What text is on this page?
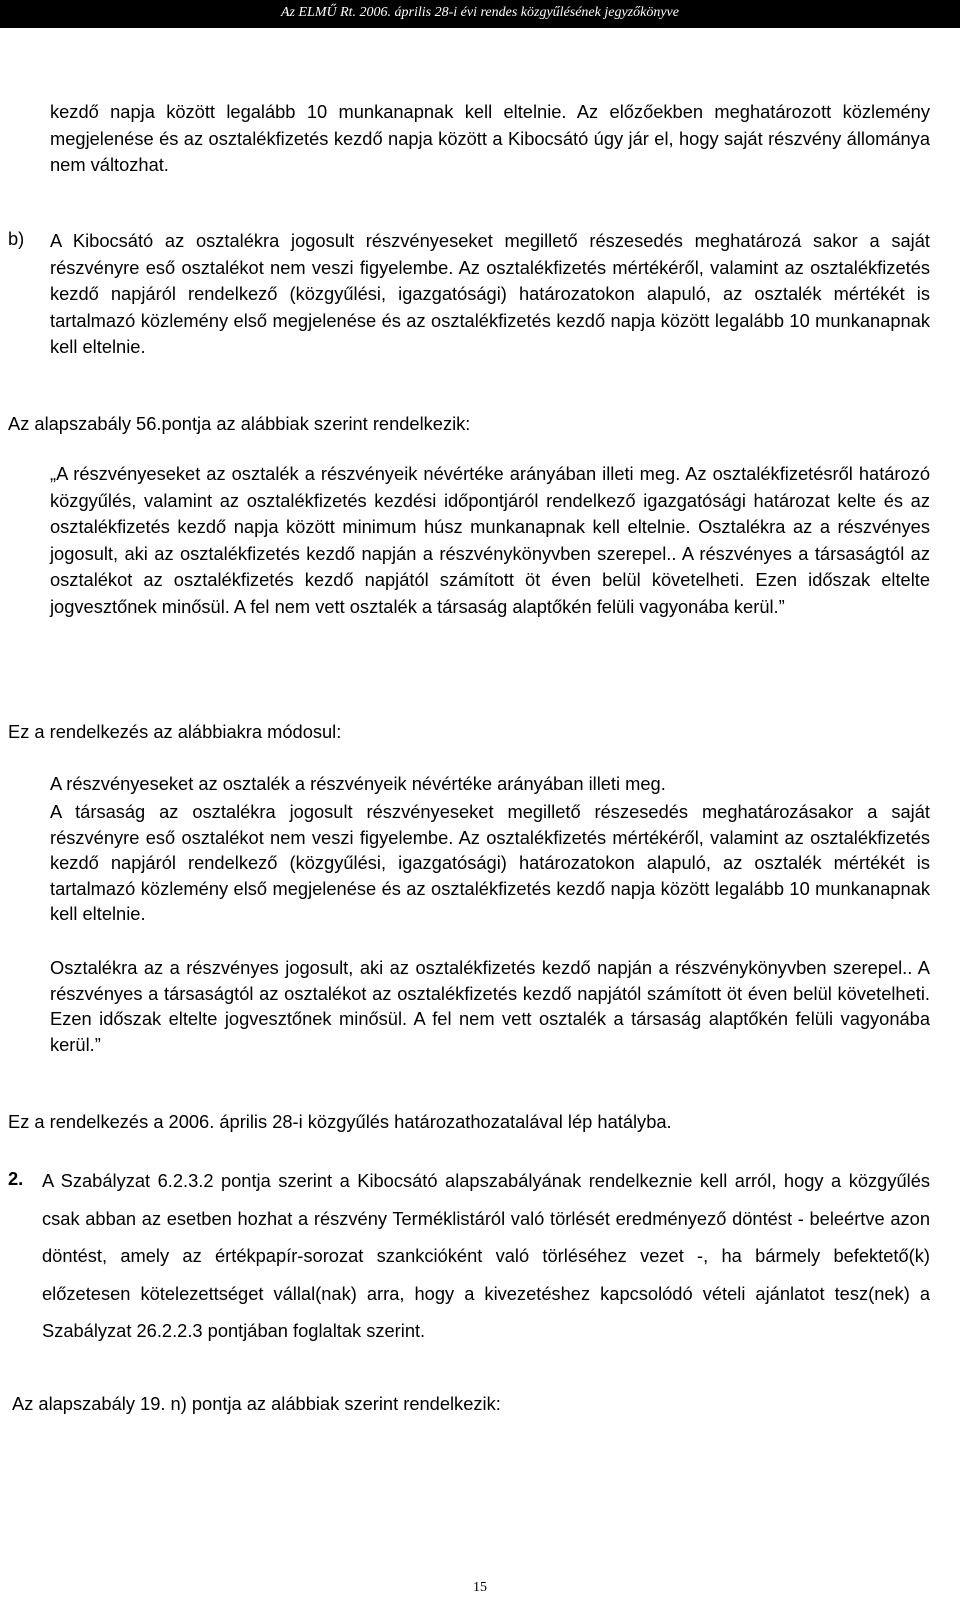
Az ELMŰ Rt. 2006. április 28-i évi rendes közgyűlésének jegyzőkönyve

kezdő napja között legalább 10 munkanapnak kell eltelnie. Az előzőekben meghatározott közlemény megjelenése és az osztalékfizetés kezdő napja között a Kibocsátó úgy jár el, hogy saját részvény állománya nem változhat.

b) A Kibocsátó az osztalékra jogosult részvényeseket megillető részesedés meghatározá sakor a saját részvényre eső osztalékot nem veszi figyelembe. Az osztalékfizetés mértékéről, valamint az osztalékfizetés kezdő napjáról rendelkező (közgyűlési, igazgatósági) határozatokon alapuló, az osztalék mértékét is tartalmazó közlemény első megjelenése és az osztalékfizetés kezdő napja között legalább 10 munkanapnak kell eltelnie.

Az alapszabály 56.pontja az alábbiak szerint rendelkezik:

„A részvényeseket az osztalék a részvényeik névértéke arányában illeti meg. Az osztalékfizetésről határozó közgyűlés, valamint az osztalékfizetés kezdési időpontjáról rendelkező igazgatósági határozat kelte és az osztalékfizetés kezdő napja között minimum húsz munkanapnak kell eltelnie. Osztalékra az a részvényes jogosult, aki az osztalékfizetés kezdő napján a részvénykönyvben szerepel.. A részvényes a társaságtól az osztalékot az osztalékfizetés kezdő napjától számított öt éven belül követelheti. Ezen időszak eltelte jogvesztőnek minősül. A fel nem vett osztalék a társaság alaptőkén felüli vagyonába kerül.”

Ez a rendelkezés az alábbiakra módosul:

A részvényeseket az osztalék a részvényeik névértéke arányában illeti meg.

A társaság az osztalékra jogosult részvényeseket megillető részesedés meghatározásakor a saját részvényre eső osztalékot nem veszi figyelembe. Az osztalékfizetés mértékéről, valamint az osztalékfizetés kezdő napjáról rendelkező (közgyűlési, igazgatósági) határozatokon alapuló, az osztalék mértékét is tartalmazó közlemény első megjelenése és az osztalékfizetés kezdő napja között legalább 10 munkanapnak kell eltelnie.

Osztalékra az a részvényes jogosult, aki az osztalékfizetés kezdő napján a részvénykönyvben szerepel.. A részvényes a társaságtól az osztalékot az osztalékfizetés kezdő napjától számított öt éven belül követelheti. Ezen időszak eltelte jogvesztőnek minősül. A fel nem vett osztalék a társaság alaptőkén felüli vagyonába kerül.”

Ez a rendelkezés a 2006. április 28-i közgyűlés határozathozatalával lép hatályba.

2. A Szabályzat 6.2.3.2 pontja szerint a Kibocsátó alapszabályának rendelkeznie kell arról, hogy a közgyűlés csak abban az esetben hozhat a részvény Terméklistáról való törlését eredményező döntést - beleértve azon döntést, amely az értékpapír-sorozat szankcióként való törléséhez vezet -, ha bármely befektető(k) előzetesen kötelezettséget vállal(nak) arra, hogy a kivezetéshez kapcsolódó vételi ajánlatot tesz(nek) a Szabályzat 26.2.2.3 pontjában foglaltak szerint.

Az alapszabály 19. n) pontja az alábbiak szerint rendelkezik:

15
